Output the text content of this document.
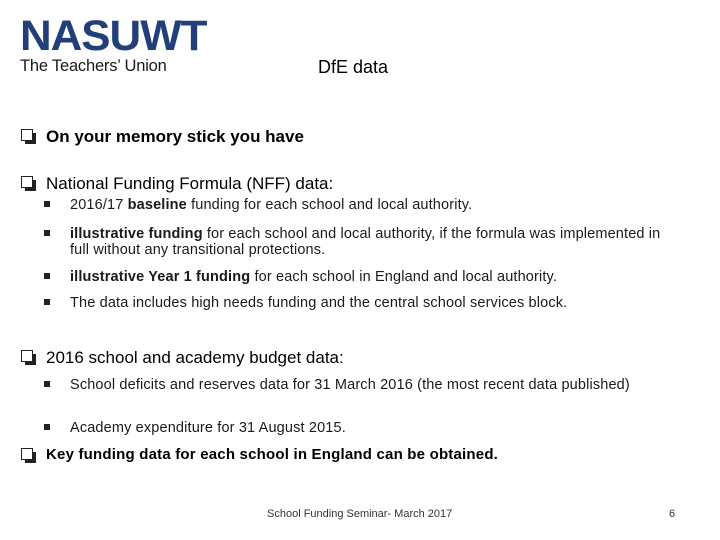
NASUWT
The Teachers’ Union	DfE data
On your memory stick you have
National Funding Formula (NFF) data:
2016/17 baseline funding for each school and local authority.
illustrative funding for each school and local authority, if the formula was implemented in full without any transitional protections.
illustrative Year 1 funding for each school in England and local authority.
The data includes high needs funding and the central school services block.
2016 school and academy budget data:
School deficits and reserves data for 31 March 2016 (the most recent data published)
Academy expenditure for 31 August 2015.
Key funding data for each school in England can be obtained.
School Funding Seminar- March 2017	6
